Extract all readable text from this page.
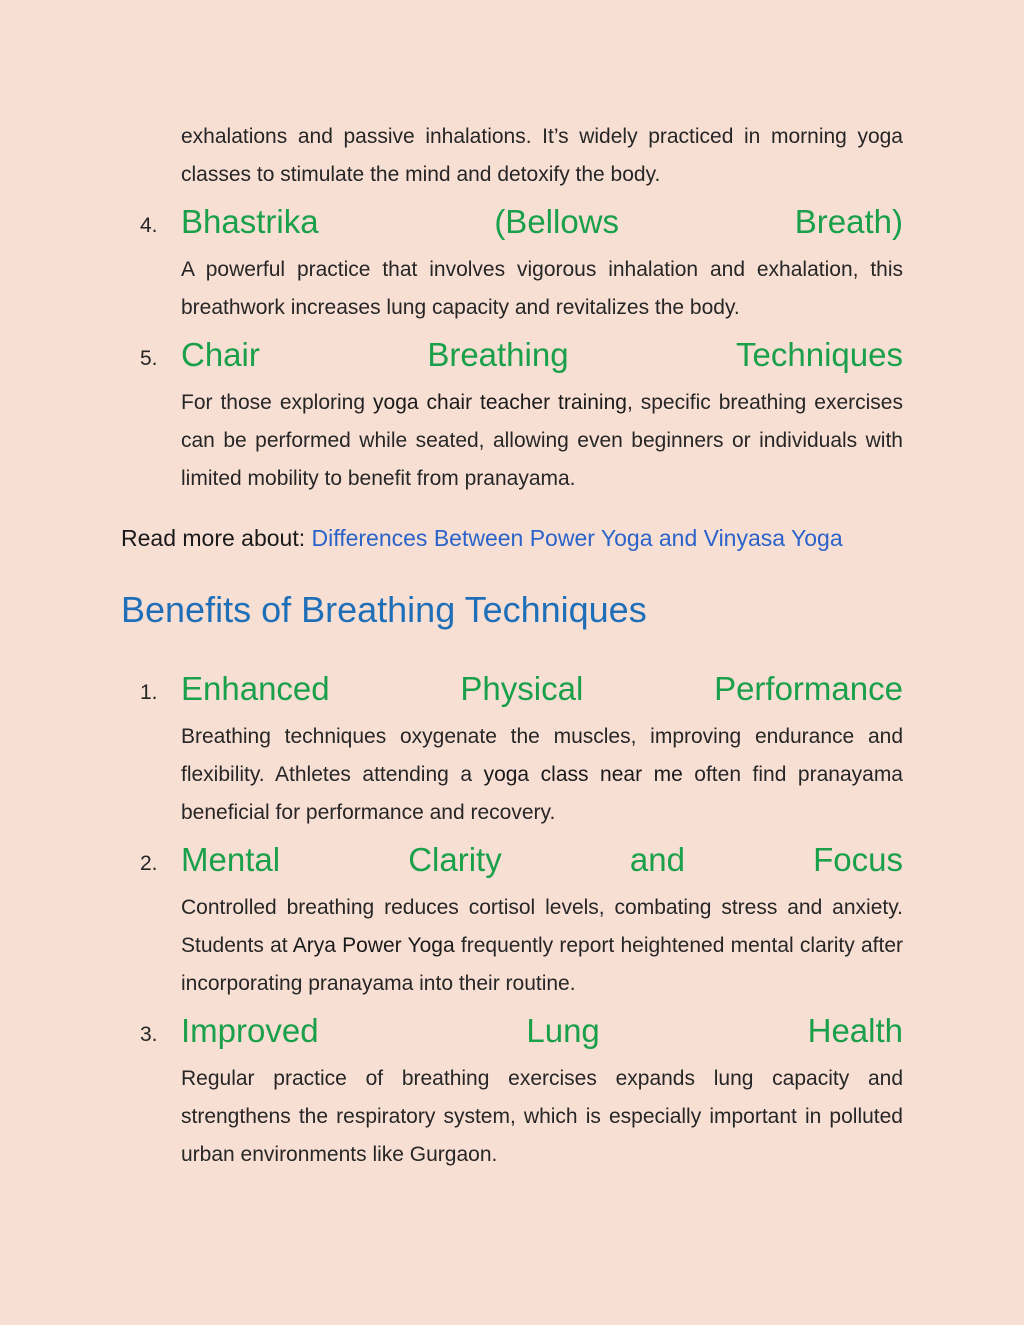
exhalations and passive inhalations. It’s widely practiced in morning yoga classes to stimulate the mind and detoxify the body.

4. Bhastrika	(Bellows	Breath)

A powerful practice that involves vigorous inhalation and exhalation, this breathwork increases lung capacity and revitalizes the body.

5. Chair	Breathing	Techniques

For those exploring yoga chair teacher training, specific breathing exercises can be performed while seated, allowing even beginners or individuals with limited mobility to benefit from pranayama.

Read more about: Differences Between Power Yoga and Vinyasa Yoga
Benefits of Breathing Techniques
1. Enhanced	Physical	Performance

Breathing techniques oxygenate the muscles, improving endurance and flexibility. Athletes attending a yoga class near me often find pranayama beneficial for performance and recovery.

2. Mental	Clarity	and	Focus

Controlled breathing reduces cortisol levels, combating stress and anxiety. Students at Arya Power Yoga frequently report heightened mental clarity after incorporating pranayama into their routine.

3. Improved	Lung	Health

Regular practice of breathing exercises expands lung capacity and strengthens the respiratory system, which is especially important in polluted urban environments like Gurgaon.
